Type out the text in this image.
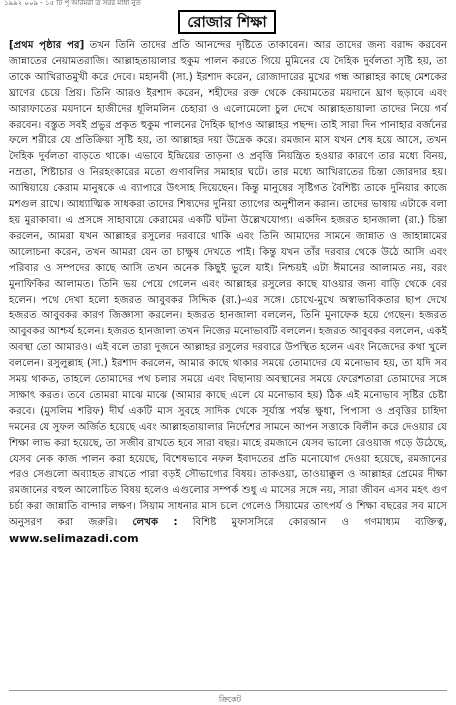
১৯৯২ ০০৯ - ১৫ টি পৃ আরমরা ত্র সরর মাধা নুত
রোজার শিক্ষা
[প্রথম পৃষ্ঠার পর] তখন তিনি তাদের প্রতি আনন্দের দৃষ্টিতে তাকাবেন। আর তাদের জন্য বরাদ্দ করবেন জান্নাতের নেয়ামতরাজি। আল্লাহতায়ালার হুকুম পালন করতে গিয়ে মুমিনের যে দৈহিক দুর্বলতা সৃষ্টি হয়, তা তাকে আখিরাতমুখী করে দেবে। মহানবী (সা.) ইরশাদ করেন, রোজাদারের মুখের গন্ধ আল্লাহর কাছে মেশকের ঘ্রাণের চেয়ে প্রিয়। তিনি আরও ইরশাদ করেন, শহীদের রক্ত থেকে কেয়ামতের ময়দানে ঘ্রাণ ছড়াবে এবং আরাফাতের ময়দানে হাজীদের ধূলিমলিন চেহারা ও এলোমেলো চুল দেখে আল্লাহতায়ালা তাদের নিয়ে গর্ব করবেন। বস্তুত সবই প্রভুর প্রকৃত হুকুম পালনের দৈহিক ছাপও আল্লাহর পছন্দ। তাই সারা দিন পানাহার বর্জনের ফলে শরীরে যে প্রতিক্রিয়া সৃষ্টি হয়, তা আল্লাহর দয়া উদ্রেক করে। রমজান মাস যখন শেষ হয়ে আসে, তখন দৈহিক দুর্বলতা বাড়তে থাকে। এভাবে ইন্দ্রিয়ের তাড়না ও প্রবৃত্তি নিয়ন্ত্রিত হওয়ার কারণে তার মধ্যে বিনয়, নম্রতা, শিষ্টাচার ও নিরহংকারের মতো গুণাবলির সমাহার ঘটে। তার মধ্যে আখিরাতের চিন্তা জোরদার হয়। আম্বিয়ায়ে কেরাম মানুষকে এ ব্যাপারে উৎসাহ দিয়েছেন। কিন্তু মানুষের সৃষ্টিগত বৈশিষ্ট্য তাকে দুনিয়ার কাজে মশগুল রাখে। আধ্যাত্মিক সাধকরা তাদের শিষ্যদের দুনিয়া ত্যাগের অনুশীলন করান। তাদের ভাষায় এটাকে বলা হয় মুরাকাবা। এ প্রসঙ্গে সাহাবায়ে কেরামের একটি ঘটনা উল্লেখযোগ্য। একদিন হজরত হানজালা (রা.) চিন্তা করলেন, আমরা যখন আল্লাহর রসুলের দরবারে থাকি এবং তিনি আমাদের সামনে জান্নাত ও জাহান্নামের আলোচনা করেন, তখন আমরা যেন তা চাক্ষুষ দেখতে পাই। কিন্তু যখন তাঁর দরবার থেকে উঠে আসি এবং পরিবার ও সম্পদের কাছে আসি তখন অনেক কিছুই ভুলে যাই। নিশ্চয়ই এটা ঈমানের আলামত নয়, বরং মুনাফিকির আলামত। তিনি ভয় পেয়ে গেলেন এবং আল্লাহর রসুলের কাছে যাওয়ার জন্য বাড়ি থেকে বের হলেন। পথে দেখা হলো হজরত আবুবকর সিদ্দিক (রা.)-এর সঙ্গে। চোখে-মুখে অস্বাভাবিকতার ছাপ দেখে হজরত আবুবকর কারণ জিজ্ঞাসা করলেন। হজরত হানজালা বললেন, তিনি মুনাফেক হয়ে গেছেন। হজরত আবুবকর আশ্চর্য হলেন। হজরত হানজালা তখন নিজের মনোভাবটি বললেন। হজরত আবুবকর বললেন, একই অবস্থা তো আমারও। এই বলে তারা দুজনে আল্লাহর রসুলের দরবারে উপস্থিত হলেন এবং নিজেদের কথা খুলে বললেন। রসুলুল্লাহ (সা.) ইরশাদ করলেন, আমার কাছে থাকার সময়ে তোমাদের যে মনোভাব হয়, তা যদি সব সময় থাকত, তাহলে তোমাদের পথ চলার সময়ে এবং বিছানায় অবস্থানের সময়ে ফেরেশতারা তোমাদের সঙ্গে সাক্ষাৎ করত। তবে তোমরা মাঝে মাঝে (আমার কাছে এলে যে মনোভাব হয়) ঠিক এই মনোভাব সৃষ্টির চেষ্টা করবে। (মুসলিম শরিফ) দীর্ঘ একটি মাস সুবহে সাদিক থেকে সূর্যাস্ত পর্যন্ত ক্ষুধা, পিপাসা ও প্রবৃত্তির চাহিদা দমনের যে সুফল অর্জিত হয়েছে এবং আল্লাহতায়ালার নির্দেশের সামনে আপন সত্তাকে বিলীন করে দেওয়ার যে শিক্ষা লাভ করা হয়েছে, তা সজীব রাখতে হবে সারা বছর। মাহে রমজানে যেসব ভালো রেওয়াজ গড়ে উঠেছে, যেসব নেক কাজ পালন করা হয়েছে, বিশেষভাবে নফল ইবাদতের প্রতি মনোযোগ দেওয়া হয়েছে, রমজানের পরও সেগুলো অব্যাহত রাখতে পারা বড়ই সৌভাগ্যের বিষয়। তাকওয়া, তাওয়াক্কুল ও আল্লাহর প্রেমের দীক্ষা রমজানের বহুল আলোচিত বিষয় হলেও এগুলোর সম্পর্ক শুধু এ মাসের সঙ্গে নয়, সারা জীবন এসব মহৎ গুণ চর্চা করা জান্নাতি বান্দার লক্ষণ। সিয়াম সাধনার মাস চলে গেলেও সিয়ামের তাৎপর্য ও শিক্ষা বছরের সব মাসে অনুসরণ করা জরুরি। লেখক : বিশিষ্ট মুফাসসিরে কোরআন ও গণমাধ্যম ব্যক্তিত্ব, www.selimazadi.com
ক্রিকেট
